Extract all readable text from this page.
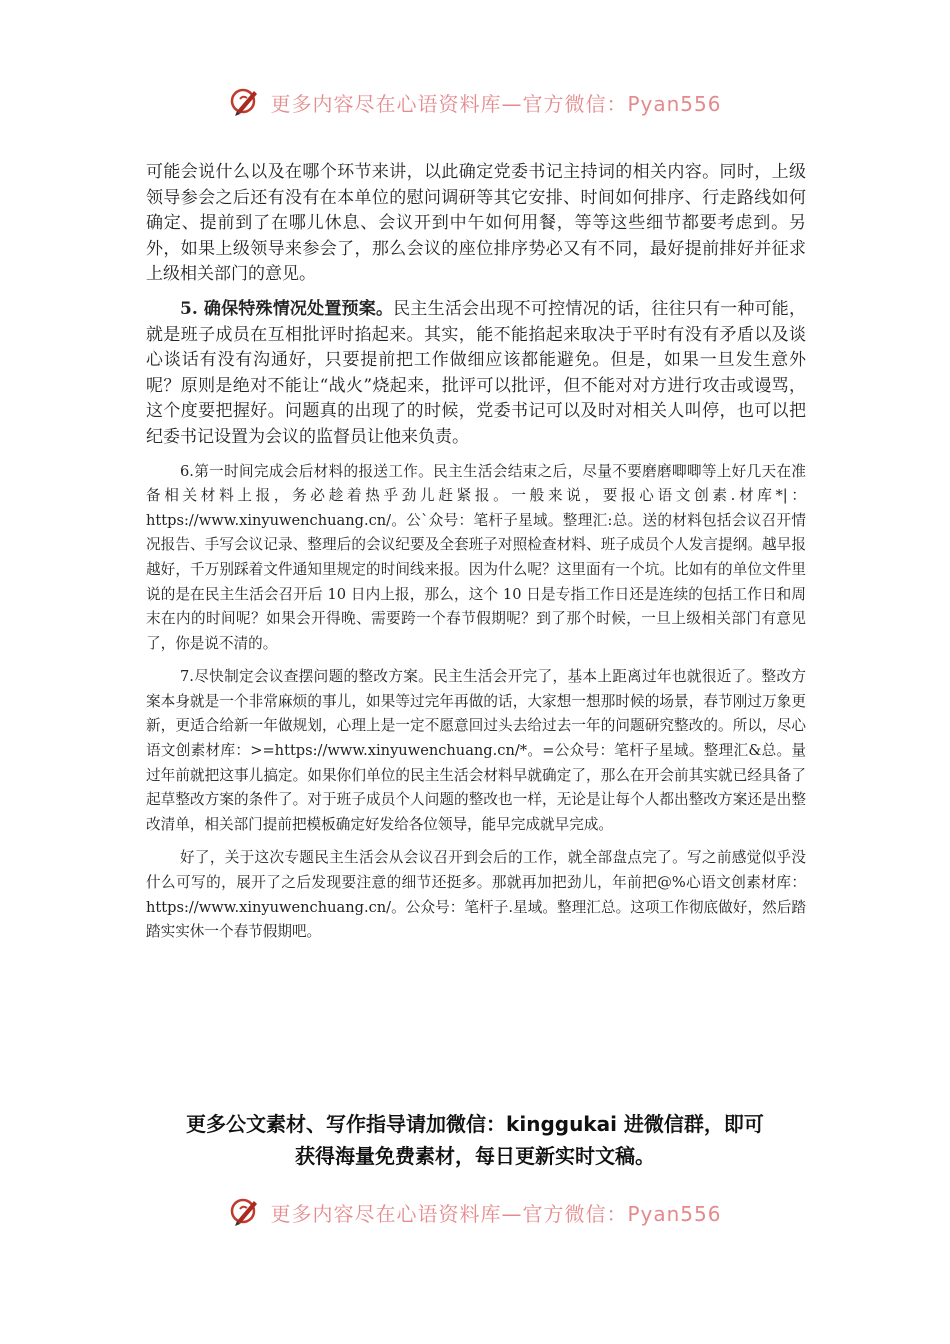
更多内容尽在心语资料库—官方微信：Pyan556

可能会说什么以及在哪个环节来讲，以此确定党委书记主持词的相关内容。同时，上级领导参会之后还有没有在本单位的慰问调研等其它安排、时间如何排序、行走路线如何确定、提前到了在哪儿休息、会议开到中午如何用餐，等等这些细节都要考虑到。另外，如果上级领导来参会了，那么会议的座位排序势必又有不同，最好提前排好并征求上级相关部门的意见。

5. 确保特殊情况处置预案。民主生活会出现不可控情况的话，往往只有一种可能，就是班子成员在互相批评时掐起来。其实，能不能掐起来取决于平时有没有矛盾以及谈心谈话有没有沟通好，只要提前把工作做细应该都能避免。但是，如果一旦发生意外呢？原则是绝对不能让“战火”烧起来，批评可以批评，但不能对对方进行攻击或谩骂，这个度要把握好。问题真的出现了的时候，党委书记可以及时对相关人叫停，也可以把纪委书记设置为会议的监督员让他来负责。

6.第一时间完成会后材料的报送工作。民主生活会结束之后，尽量不要磨磨唧唧等上好几天在准备相关材料上报，务必趁着热乎劲儿赶紧报。一般来说，要报心语文创素.材库*|：https://www.xinyuwenchuang.cn/。公`众号：笔杆子星域。整理汇:总。送的材料包括会议召开情况报告、手写会议记录、整理后的会议纪要及全套班子对照检查材料、班子成员个人发言提纲。越早报越好，千万别踩着文件通知里规定的时间线来报。因为什么呢？这里面有一个坑。比如有的单位文件里说的是在民主生活会召开后 10 日内上报，那么，这个 10 日是专指工作日还是连续的包括工作日和周末在内的时间呢？如果会开得晚、需要跨一个春节假期呢？到了那个时候，一旦上级相关部门有意见了，你是说不清的。

7.尽快制定会议查摆问题的整改方案。民主生活会开完了，基本上距离过年也就很近了。整改方案本身就是一个非常麻烦的事儿，如果等过完年再做的话，大家想一想那时候的场景，春节刚过万象更新，更适合给新一年做规划，心理上是一定不愿意回过头去给过去一年的问题研究整改的。所以，尽心语文创素材库：>=https://www.xinyuwenchuang.cn/*。=公众号：笔杆子星域。整理汇&总。量过年前就把这事儿搞定。如果你们单位的民主生活会材料早就确定了，那么在开会前其实就已经具备了起草整改方案的条件了。对于班子成员个人问题的整改也一样，无论是让每个人都出整改方案还是出整改清单，相关部门提前把模板确定好发给各位领导，能早完成就早完成。

好了，关于这次专题民主生活会从会议召开到会后的工作，就全部盘点完了。写之前感觉似乎没什么可写的，展开了之后发现要注意的细节还挺多。那就再加把劲儿，年前把@%心语文创素材库：https://www.xinyuwenchuang.cn/。公众号：笔杆子.星域。整理汇总。这项工作彻底做好，然后踏踏实实休一个春节假期吧。

更多公文素材、写作指导请加微信：kinggukai 进微信群，即可
获得海量免费素材，每日更新实时文稿。
更多内容尽在心语资料库—官方微信：Pyan556
